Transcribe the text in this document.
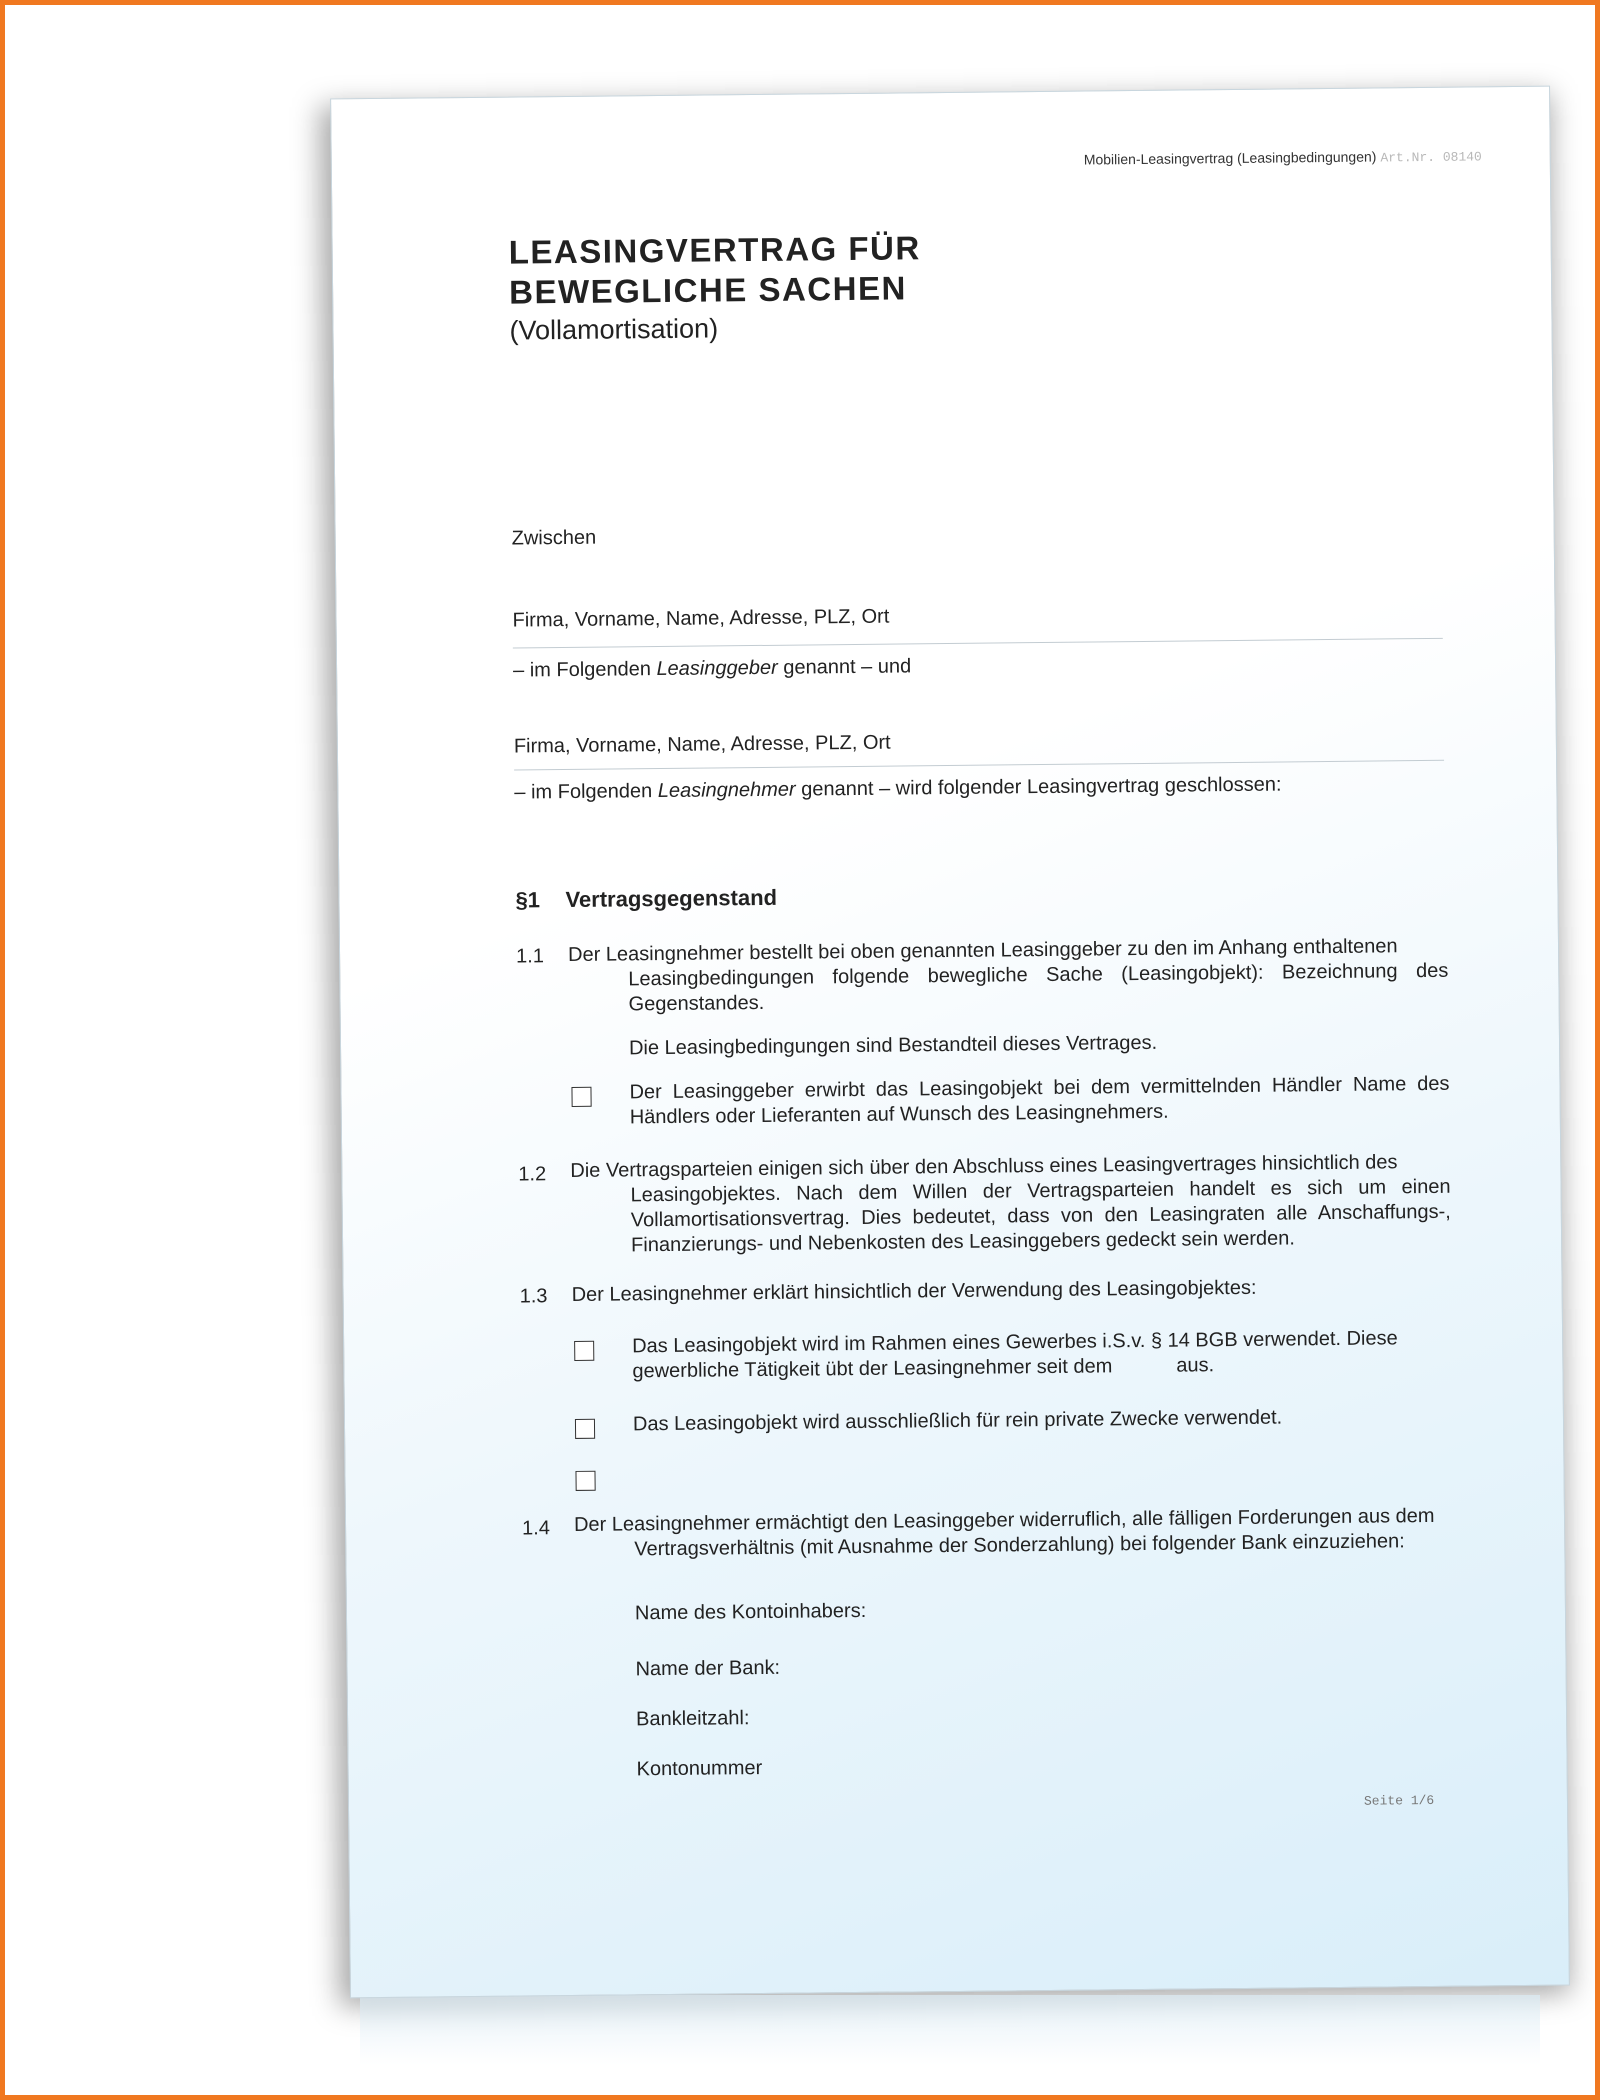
Mobilien-Leasingvertrag (Leasingbedingungen) Art.Nr. 08140
LEASINGVERTRAG FÜR
BEWEGLICHE SACHEN
(Vollamortisation)
Zwischen
Firma, Vorname, Name, Adresse, PLZ, Ort
– im Folgenden Leasinggeber genannt – und
Firma, Vorname, Name, Adresse, PLZ, Ort
– im Folgenden Leasingnehmer genannt – wird folgender Leasingvertrag geschlossen:
§1 Vertragsgegenstand
1.1 Der Leasingnehmer bestellt bei oben genannten Leasinggeber zu den im Anhang enthaltenen
Leasingbedingungen folgende bewegliche Sache (Leasingobjekt): Bezeichnung des Gegenstandes.
Die Leasingbedingungen sind Bestandteil dieses Vertrages.
Der Leasinggeber erwirbt das Leasingobjekt bei dem vermittelnden Händler Name des Händlers oder Lieferanten auf Wunsch des Leasingnehmers.
1.2 Die Vertragsparteien einigen sich über den Abschluss eines Leasingvertrages hinsichtlich des
Leasingobjektes. Nach dem Willen der Vertragsparteien handelt es sich um einen Vollamortisationsvertrag. Dies bedeutet, dass von den Leasingraten alle Anschaffungs-, Finanzierungs- und Nebenkosten des Leasinggebers gedeckt sein werden.
1.3 Der Leasingnehmer erklärt hinsichtlich der Verwendung des Leasingobjektes:
Das Leasingobjekt wird im Rahmen eines Gewerbes i.S.v. § 14 BGB verwendet. Diese
gewerbliche Tätigkeit übt der Leasingnehmer seit dem	aus.
Das Leasingobjekt wird ausschließlich für rein private Zwecke verwendet.
1.4 Der Leasingnehmer ermächtigt den Leasinggeber widerruflich, alle fälligen Forderungen aus dem
Vertragsverhältnis (mit Ausnahme der Sonderzahlung) bei folgender Bank einzuziehen:
Name des Kontoinhabers:
Name der Bank:
Bankleitzahl:
Kontonummer
Seite 1/6
